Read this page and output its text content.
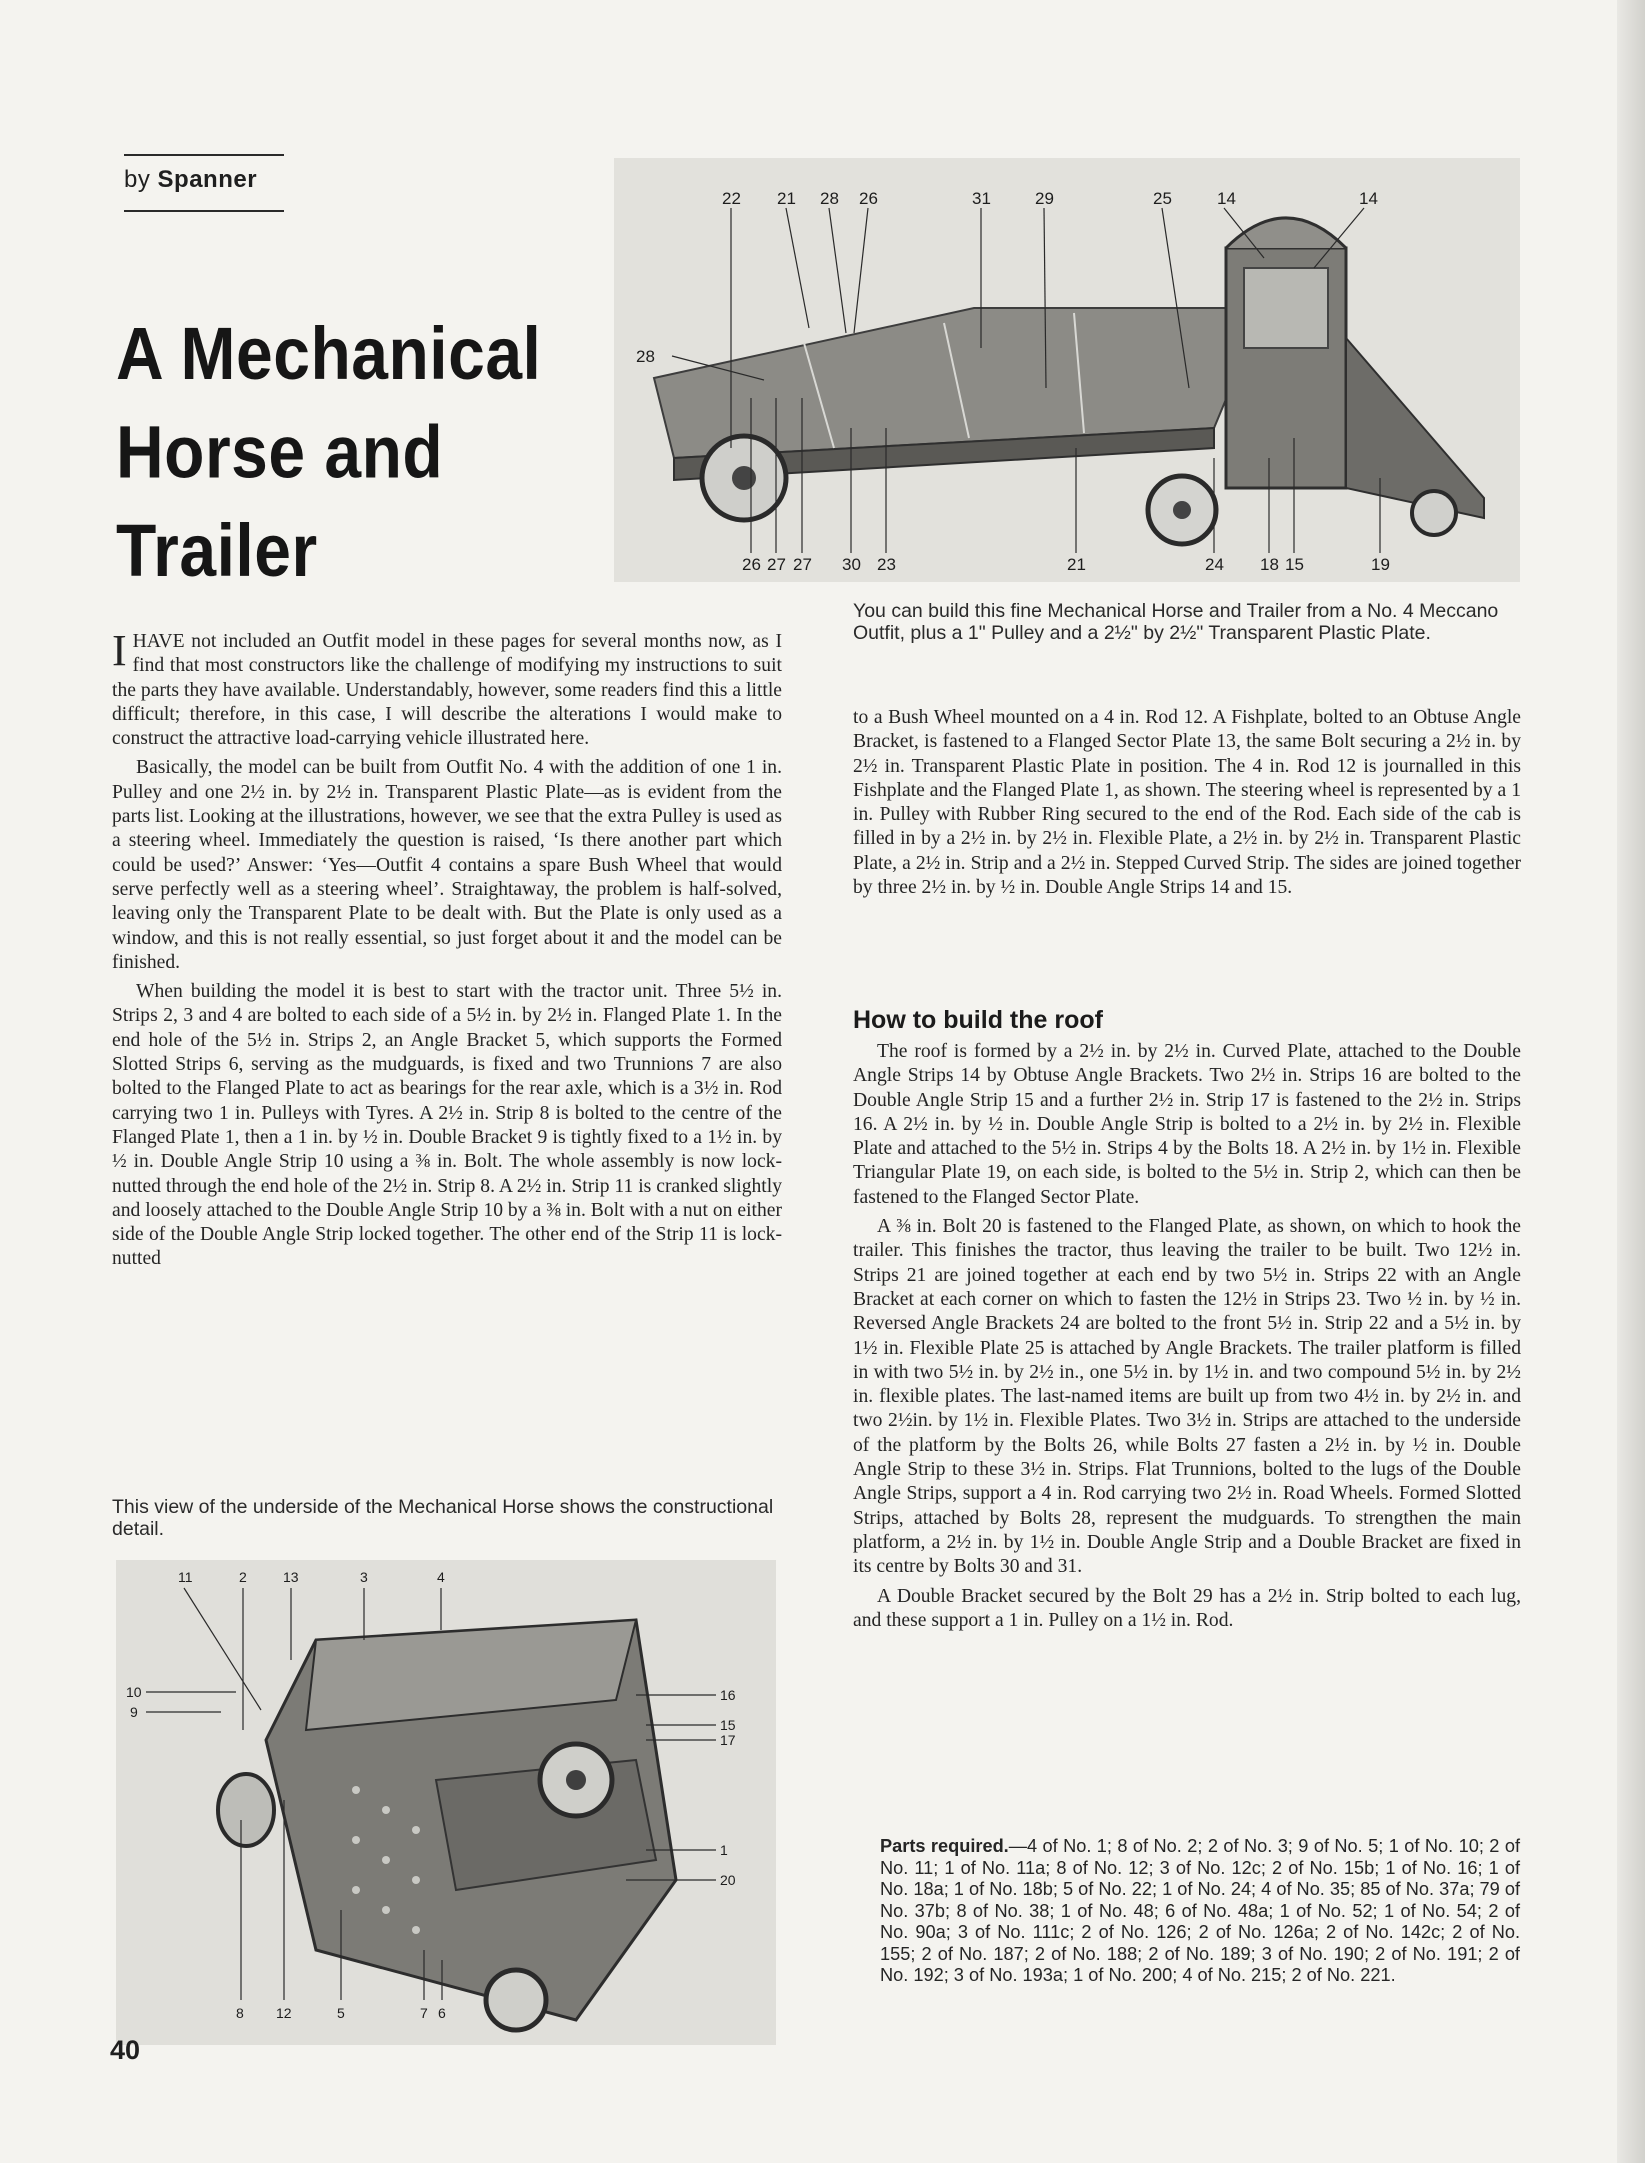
by Spanner
A Mechanical
Horse and
Trailer
22 21 28 26	31	29	25	14	14
28
26 27 27 30 23	21	24 18 15	19
You can build this fine Mechanical Horse and Trailer from a No. 4 Meccano Outfit, plus a 1" Pulley and a 2½" by 2½" Transparent Plastic Plate.

IHAVE not included an Outfit model in these pages for several months now, as I find that most constructors like the challenge of modifying my instructions to suit the parts they have available. Understandably, however, some readers find this a little difficult; therefore, in this case, I will describe the alterations I would make to construct the attractive load-carrying vehicle illustrated here.

Basically, the model can be built from Outfit No. 4 with the addition of one 1 in. Pulley and one 2½ in. by 2½ in. Transparent Plastic Plate—as is evident from the parts list. Looking at the illustrations, however, we see that the extra Pulley is used as a steering wheel. Immediately the question is raised, ‘Is there another part which could be used?’ Answer: ‘Yes—Outfit 4 contains a spare Bush Wheel that would serve perfectly well as a steering wheel’. Straightaway, the problem is half-solved, leaving only the Transparent Plate to be dealt with. But the Plate is only used as a window, and this is not really essential, so just forget about it and the model can be finished.

When building the model it is best to start with the tractor unit. Three 5½ in. Strips 2, 3 and 4 are bolted to each side of a 5½ in. by 2½ in. Flanged Plate 1. In the end hole of the 5½ in. Strips 2, an Angle Bracket 5, which supports the Formed Slotted Strips 6, serving as the mudguards, is fixed and two Trunnions 7 are also bolted to the Flanged Plate to act as bearings for the rear axle, which is a 3½ in. Rod carrying two 1 in. Pulleys with Tyres. A 2½ in. Strip 8 is bolted to the centre of the Flanged Plate 1, then a 1 in. by ½ in. Double Bracket 9 is tightly fixed to a 1½ in. by ½ in. Double Angle Strip 10 using a ⅜ in. Bolt. The whole assembly is now lock-nutted through the end hole of the 2½ in. Strip 8. A 2½ in. Strip 11 is cranked slightly and loosely attached to the Double Angle Strip 10 by a ⅜ in. Bolt with a nut on either side of the Double Angle Strip locked together. The other end of the Strip 11 is lock-nutted

This view of the underside of the Mechanical Horse shows the constructional detail.
11	2	13	3	4
10
9
16
15
17
1
20
8 12	5	7 6

to a Bush Wheel mounted on a 4 in. Rod 12. A Fishplate, bolted to an Obtuse Angle Bracket, is fastened to a Flanged Sector Plate 13, the same Bolt securing a 2½ in. by 2½ in. Transparent Plastic Plate in position. The 4 in. Rod 12 is journalled in this Fishplate and the Flanged Plate 1, as shown. The steering wheel is represented by a 1 in. Pulley with Rubber Ring secured to the end of the Rod. Each side of the cab is filled in by a 2½ in. by 2½ in. Flexible Plate, a 2½ in. by 2½ in. Transparent Plastic Plate, a 2½ in. Strip and a 2½ in. Stepped Curved Strip. The sides are joined together by three 2½ in. by ½ in. Double Angle Strips 14 and 15.

How to build the roof

The roof is formed by a 2½ in. by 2½ in. Curved Plate, attached to the Double Angle Strips 14 by Obtuse Angle Brackets. Two 2½ in. Strips 16 are bolted to the Double Angle Strip 15 and a further 2½ in. Strip 17 is fastened to the 2½ in. Strips 16. A 2½ in. by ½ in. Double Angle Strip is bolted to a 2½ in. by 2½ in. Flexible Plate and attached to the 5½ in. Strips 4 by the Bolts 18. A 2½ in. by 1½ in. Flexible Triangular Plate 19, on each side, is bolted to the 5½ in. Strip 2, which can then be fastened to the Flanged Sector Plate.

A ⅜ in. Bolt 20 is fastened to the Flanged Plate, as shown, on which to hook the trailer. This finishes the tractor, thus leaving the trailer to be built. Two 12½ in. Strips 21 are joined together at each end by two 5½ in. Strips 22 with an Angle Bracket at each corner on which to fasten the 12½ in Strips 23. Two ½ in. by ½ in. Reversed Angle Brackets 24 are bolted to the front 5½ in. Strip 22 and a 5½ in. by 1½ in. Flexible Plate 25 is attached by Angle Brackets. The trailer platform is filled in with two 5½ in. by 2½ in., one 5½ in. by 1½ in. and two compound 5½ in. by 2½ in. flexible plates. The last-named items are built up from two 4½ in. by 2½ in. and two 2½in. by 1½ in. Flexible Plates. Two 3½ in. Strips are attached to the underside of the platform by the Bolts 26, while Bolts 27 fasten a 2½ in. by ½ in. Double Angle Strip to these 3½ in. Strips. Flat Trunnions, bolted to the lugs of the Double Angle Strips, support a 4 in. Rod carrying two 2½ in. Road Wheels. Formed Slotted Strips, attached by Bolts 28, represent the mudguards. To strengthen the main platform, a 2½ in. by 1½ in. Double Angle Strip and a Double Bracket are fixed in its centre by Bolts 30 and 31.

A Double Bracket secured by the Bolt 29 has a 2½ in. Strip bolted to each lug, and these support a 1 in. Pulley on a 1½ in. Rod.

Parts required.—4 of No. 1; 8 of No. 2; 2 of No. 3; 9 of No. 5; 1 of No. 10; 2 of No. 11; 1 of No. 11a; 8 of No. 12; 3 of No. 12c; 2 of No. 15b; 1 of No. 16; 1 of No. 18a; 1 of No. 18b; 5 of No. 22; 1 of No. 24; 4 of No. 35; 85 of No. 37a; 79 of No. 37b; 8 of No. 38; 1 of No. 48; 6 of No. 48a; 1 of No. 52; 1 of No. 54; 2 of No. 90a; 3 of No. 111c; 2 of No. 126; 2 of No. 126a; 2 of No. 142c; 2 of No. 155; 2 of No. 187; 2 of No. 188; 2 of No. 189; 3 of No. 190; 2 of No. 191; 2 of No. 192; 3 of No. 193a; 1 of No. 200; 4 of No. 215; 2 of No. 221.
40
